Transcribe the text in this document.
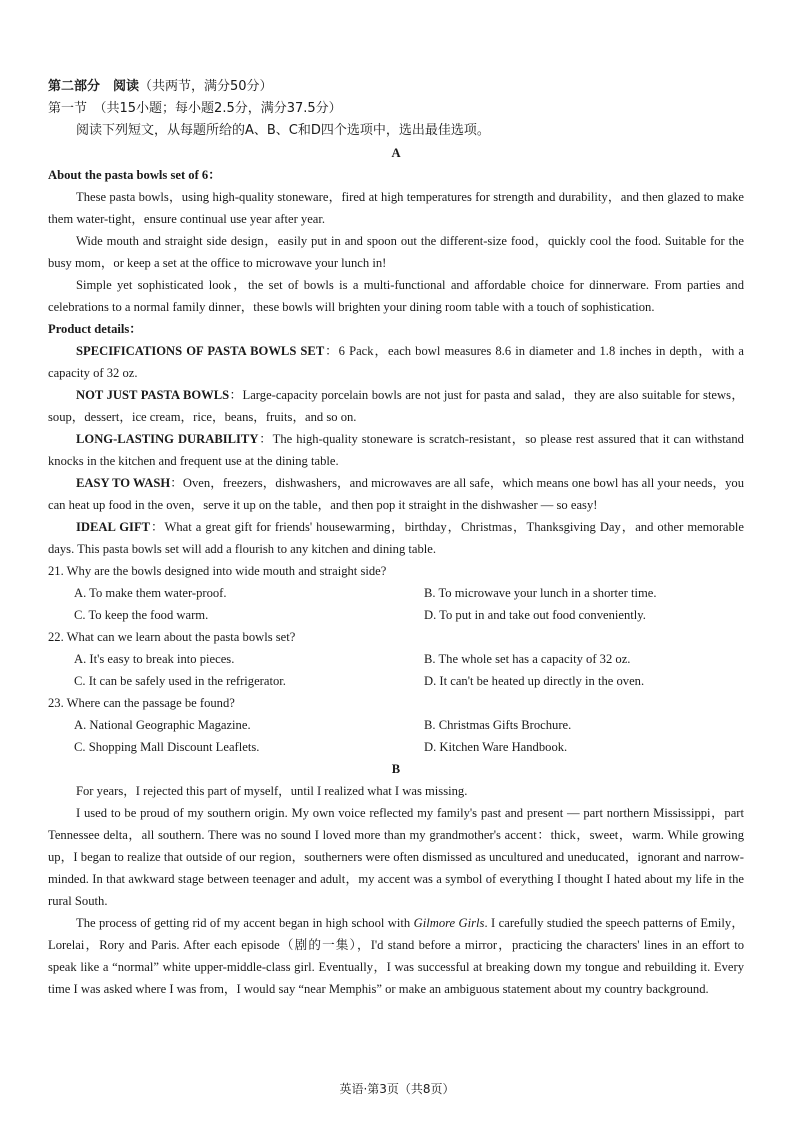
第二部分　阅读（共两节，满分50分）
第一节　（共15小题；每小题2.5分，满分37.5分）
阅读下列短文，从每题所给的A、B、C和D四个选项中，选出最佳选项。
A

About the pasta bowls set of 6：

These pasta bowls，using high-quality stoneware，fired at high temperatures for strength and durability，and then glazed to make them water-tight，ensure continual use year after year.

Wide mouth and straight side design，easily put in and spoon out the different-size food，quickly cool the food. Suitable for the busy mom，or keep a set at the office to microwave your lunch in!

Simple yet sophisticated look，the set of bowls is a multi-functional and affordable choice for dinnerware. From parties and celebrations to a normal family dinner，these bowls will brighten your dining room table with a touch of sophistication.

Product details：

SPECIFICATIONS OF PASTA BOWLS SET：6 Pack，each bowl measures 8.6 in diameter and 1.8 inches in depth，with a capacity of 32 oz.

NOT JUST PASTA BOWLS：Large-capacity porcelain bowls are not just for pasta and salad，they are also suitable for stews，soup，dessert，ice cream，rice，beans，fruits，and so on.

LONG-LASTING DURABILITY：The high-quality stoneware is scratch-resistant，so please rest assured that it can withstand knocks in the kitchen and frequent use at the dining table.

EASY TO WASH：Oven，freezers，dishwashers，and microwaves are all safe，which means one bowl has all your needs，you can heat up food in the oven，serve it up on the table，and then pop it straight in the dishwasher — so easy!

IDEAL GIFT：What a great gift for friends' housewarming，birthday，Christmas，Thanksgiving Day，and other memorable days. This pasta bowls set will add a flourish to any kitchen and dining table.

21. Why are the bowls designed into wide mouth and straight side?

A. To make them water-proof.	B. To microwave your lunch in a shorter time.
C. To keep the food warm.	D. To put in and take out food conveniently.

22. What can we learn about the pasta bowls set?

A. It's easy to break into pieces.	B. The whole set has a capacity of 32 oz.
C. It can be safely used in the refrigerator.	D. It can't be heated up directly in the oven.

23. Where can the passage be found?

A. National Geographic Magazine.	B. Christmas Gifts Brochure.
C. Shopping Mall Discount Leaflets.	D. Kitchen Ware Handbook.
B

For years，I rejected this part of myself，until I realized what I was missing.

I used to be proud of my southern origin. My own voice reflected my family's past and present — part northern Mississippi，part Tennessee delta，all southern. There was no sound I loved more than my grandmother's accent：thick，sweet，warm. While growing up，I began to realize that outside of our region，southerners were often dismissed as uncultured and uneducated，ignorant and narrow-minded. In that awkward stage between teenager and adult，my accent was a symbol of everything I thought I hated about my life in the rural South.

The process of getting rid of my accent began in high school with Gilmore Girls. I carefully studied the speech patterns of Emily，Lorelai，Rory and Paris. After each episode（剧的一集），I'd stand before a mirror，practicing the characters' lines in an effort to speak like a “normal” white upper-middle-class girl. Eventually，I was successful at breaking down my tongue and rebuilding it. Every time I was asked where I was from，I would say “near Memphis” or make an ambiguous statement about my country background.

英语·第3页（共8页）
